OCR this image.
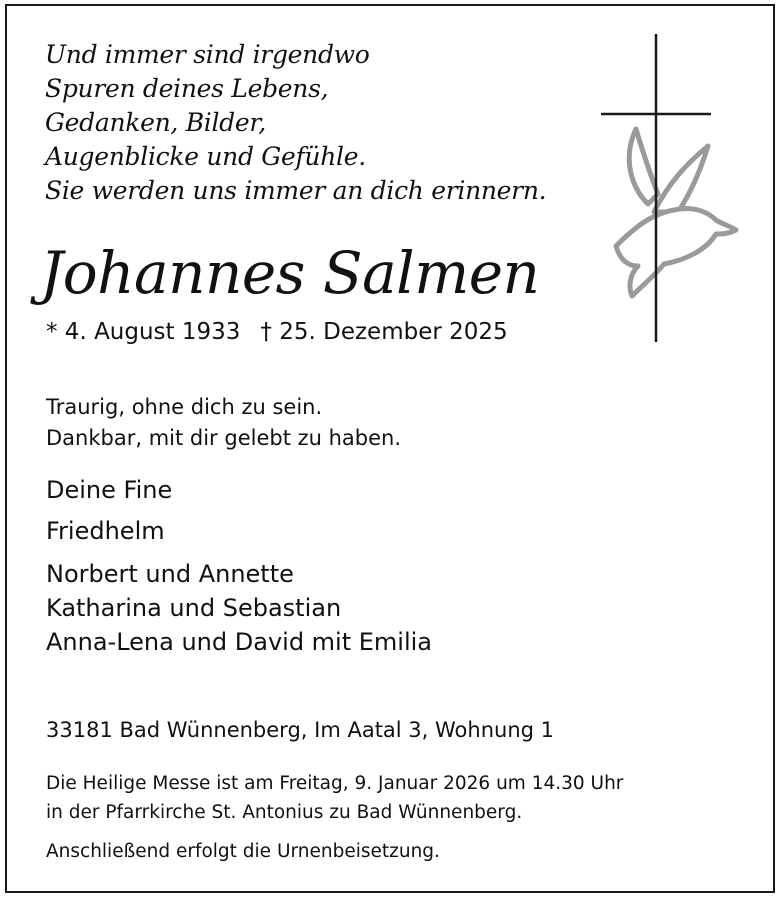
Und immer sind irgendwo
Spuren deines Lebens,
Gedanken, Bilder,
Augenblicke und Gefühle.
Sie werden uns immer an dich erinnern.
Johannes Salmen
* 4. August 1933 † 25. Dezember 2025
Traurig, ohne dich zu sein.
Dankbar, mit dir gelebt zu haben.
Deine Fine
Friedhelm
Norbert und Annette
Katharina und Sebastian
Anna-Lena und David mit Emilia
33181 Bad Wünnenberg, Im Aatal 3, Wohnung 1
Die Heilige Messe ist am Freitag, 9. Januar 2026 um 14.30 Uhr
in der Pfarrkirche St. Antonius zu Bad Wünnenberg.
Anschließend erfolgt die Urnenbeisetzung.
